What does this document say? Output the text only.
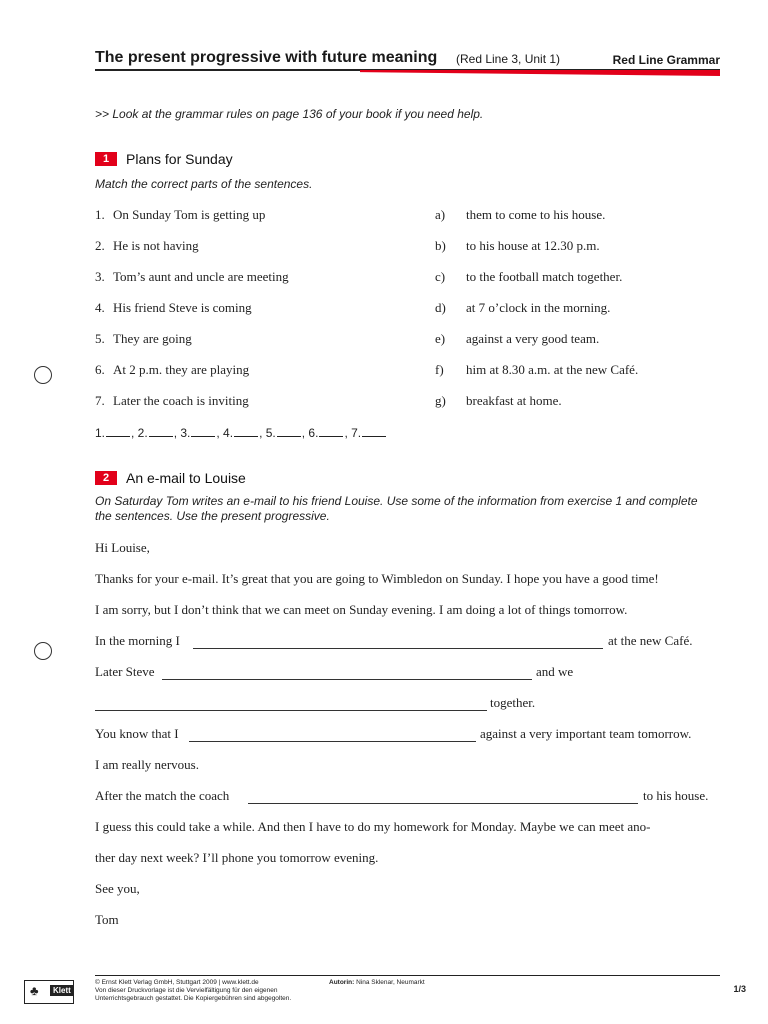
The present progressive with future meaning (Red Line 3, Unit 1)	Red Line Grammar
>> Look at the grammar rules on page 136 of your book if you need help.
1	Plans for Sunday
Match the correct parts of the sentences.
1. On Sunday Tom is getting up	a) them to come to his house.
2. He is not having	b) to his house at 12.30 p.m.
3. Tom’s aunt and uncle are meeting	c) to the football match together.
4. His friend Steve is coming	d) at 7 o’clock in the morning.
5. They are going	e) against a very good team.
6. At 2 p.m. they are playing	f) him at 8.30 a.m. at the new Café.
7. Later the coach is inviting	g) breakfast at home.
1. , 2. , 3. , 4. , 5. , 6. , 7.
2	An e-mail to Louise
On Saturday Tom writes an e-mail to his friend Louise. Use some of the information from exercise 1 and complete the sentences. Use the present progressive.
Hi Louise,
Thanks for your e-mail. It’s great that you are going to Wimbledon on Sunday. I hope you have a good time!
I am sorry, but I don’t think that we can meet on Sunday evening. I am doing a lot of things tomorrow.
In the morning I	at the new Café.
Later Steve	and we
together.
You know that I	against a very important team tomorrow.
I am really nervous.
After the match the coach	to his house.
I guess this could take a while. And then I have to do my homework for Monday. Maybe we can meet ano-
ther day next week? I’ll phone you tomorrow evening.
See you,
Tom
♣	Klett
© Ernst Klett Verlag GmbH, Stuttgart 2009 | www.klett.de
Von dieser Druckvorlage ist die Vervielfältigung für den eigenen
Unterrichtsgebrauch gestattet. Die Kopiergebühren sind abgegolten.
Autorin: Nina Sklenar, Neumarkt
1/3
